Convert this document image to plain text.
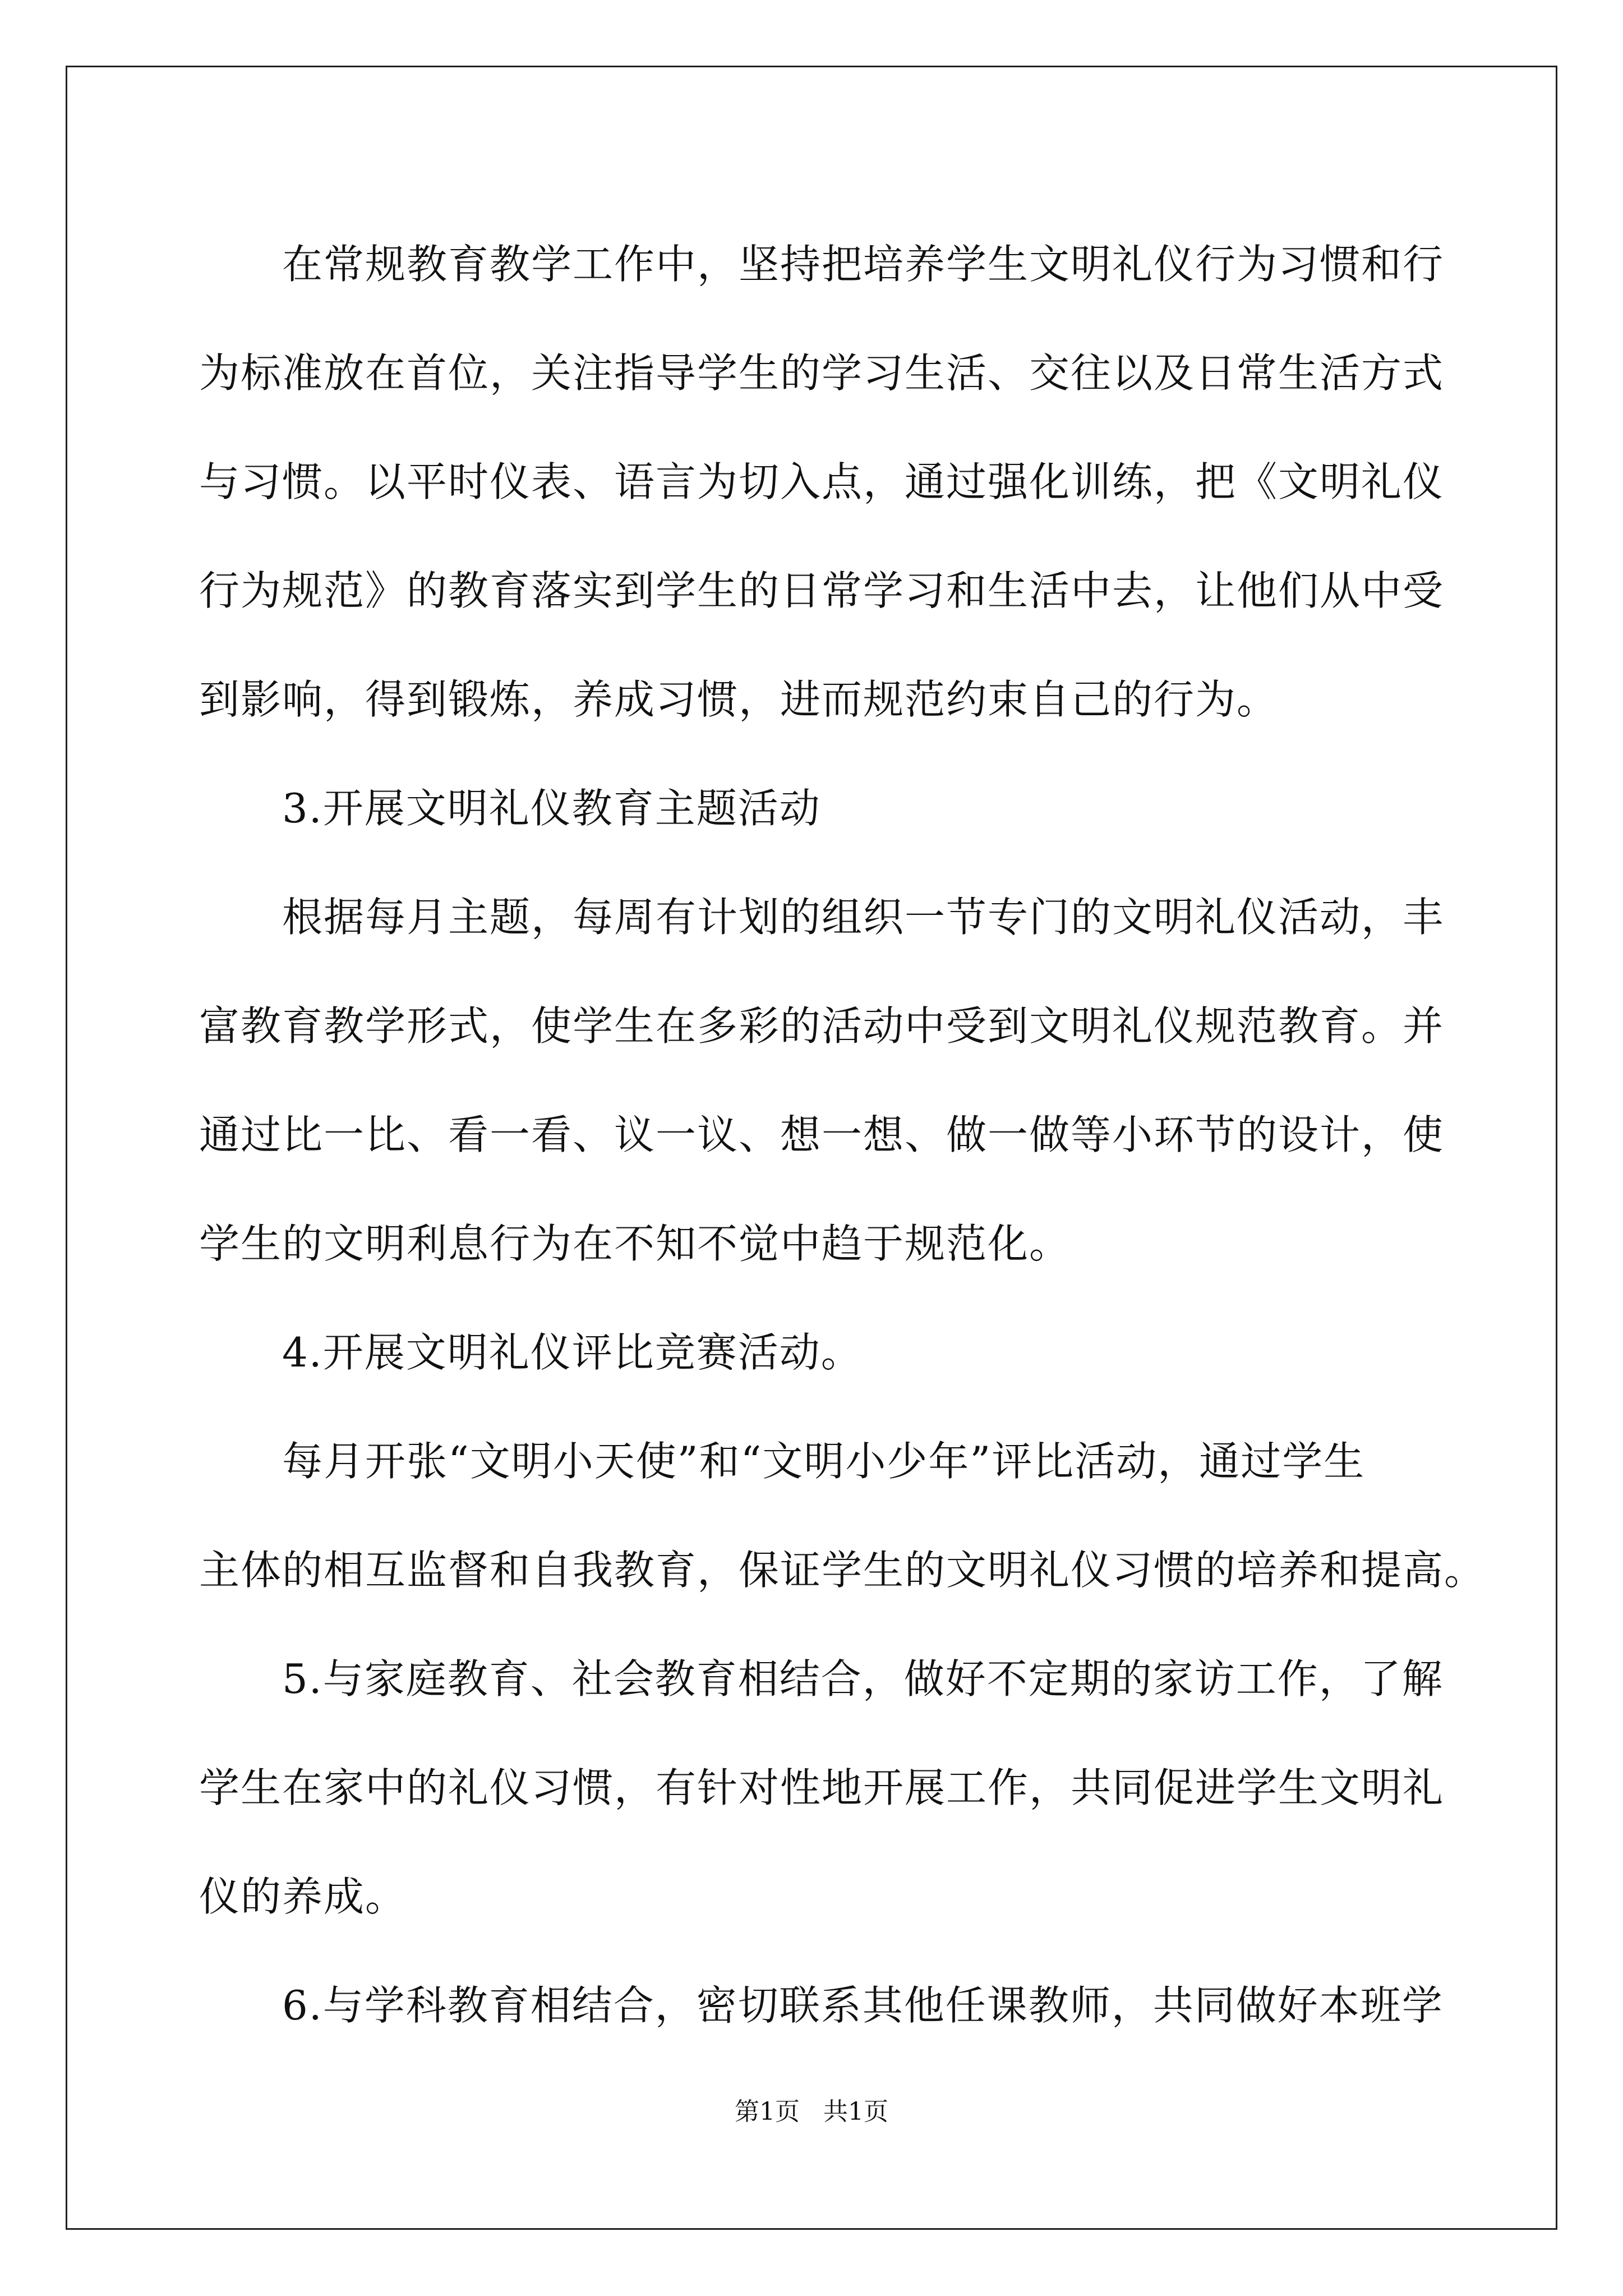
在常规教育教学工作中，坚持把培养学生文明礼仪行为习惯和行
为标准放在首位，关注指导学生的学习生活、交往以及日常生活方式
与习惯。以平时仪表、语言为切入点，通过强化训练，把《文明礼仪
行为规范》的教育落实到学生的日常学习和生活中去，让他们从中受
到影响，得到锻炼，养成习惯，进而规范约束自己的行为。
3.开展文明礼仪教育主题活动
根据每月主题，每周有计划的组织一节专门的文明礼仪活动，丰
富教育教学形式，使学生在多彩的活动中受到文明礼仪规范教育。并
通过比一比、看一看、议一议、想一想、做一做等小环节的设计，使
学生的文明利息行为在不知不觉中趋于规范化。
4.开展文明礼仪评比竞赛活动。
每月开张“文明小天使”和“文明小少年”评比活动，通过学生
主体的相互监督和自我教育，保证学生的文明礼仪习惯的培养和提高。
5.与家庭教育、社会教育相结合，做好不定期的家访工作，了解
学生在家中的礼仪习惯，有针对性地开展工作，共同促进学生文明礼
仪的养成。
6.与学科教育相结合，密切联系其他任课教师，共同做好本班学
第1页 共1页
